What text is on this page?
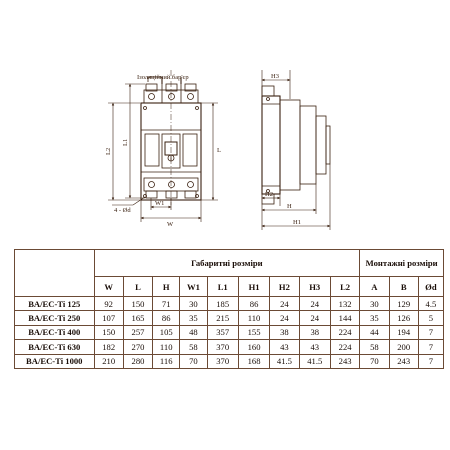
Ізоляційний бар'єр
L2
L1
L
W
W1
4 - Ød
H3
H2
H
H1
	Габаритні розміри									Монтажні розміри		
	W	L	H	W1	L1	H1	H2	H3	L2	A	B	Ød
BA/EC-Ti 125	92	150	71	30	185	86	24	24	132	30	129	4.5
BA/EC-Ti 250	107	165	86	35	215	110	24	24	144	35	126	5
BA/EC-Ti 400	150	257	105	48	357	155	38	38	224	44	194	7
BA/EC-Ti 630	182	270	110	58	370	160	43	43	224	58	200	7
BA/EC-Ti 1000	210	280	116	70	370	168	41.5	41.5	243	70	243	7
